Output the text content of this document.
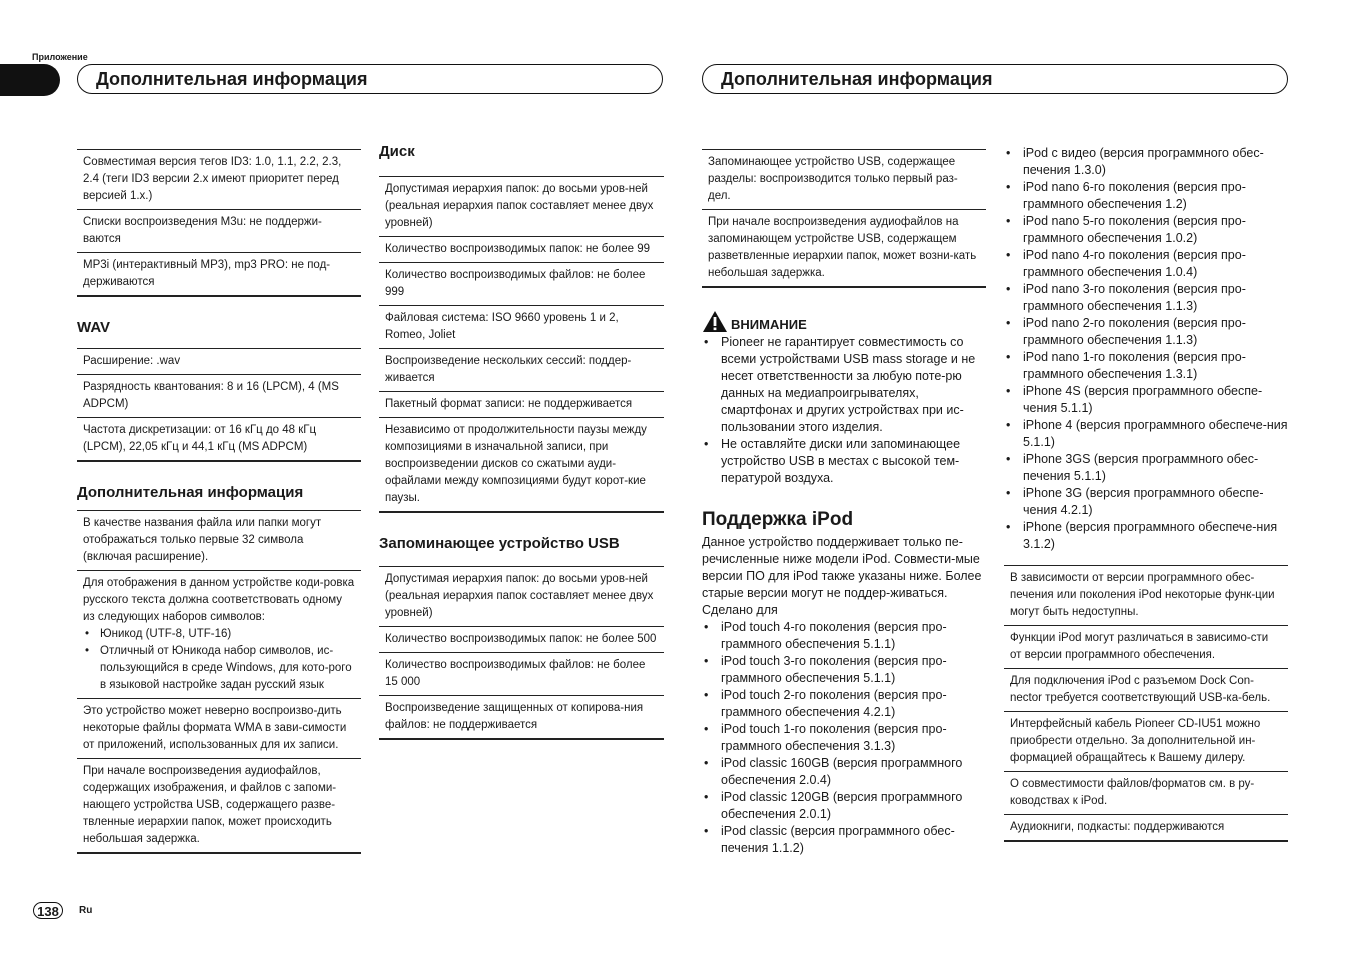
Приложение
Дополнительная информация	Дополнительная информация
Совместимая версия тегов ID3: 1.0, 1.1, 2.2, 2.3, 2.4 (теги ID3 версии 2.x имеют приоритет перед версией 1.x.)
Списки воспроизведения M3u: не поддержи-ваются
MP3i (интерактивный MP3), mp3 PRO: не под-держиваются
WAV
Расширение: .wav
Разрядность квантования: 8 и 16 (LPCM), 4 (MS ADPCM)
Частота дискретизации: от 16 кГц до 48 кГц (LPCM), 22,05 кГц и 44,1 кГц (MS ADPCM)
Дополнительная информация
В качестве названия файла или папки могут отображаться только первые 32 символа (включая расширение).
Для отображения в данном устройстве коди-ровка русского текста должна соответствовать одному из следующих наборов символов:
• Юникод (UTF-8, UTF-16)
• Отличный от Юникода набор символов, ис-пользующийся в среде Windows, для кото-рого в языковой настройке задан русский язык
Это устройство может неверно воспроизво-дить некоторые файлы формата WMA в зави-симости от приложений, использованных для их записи.
При начале воспроизведения аудиофайлов, содержащих изображения, и файлов с запоми-нающего устройства USB, содержащего разве-твленные иерархии папок, может происходить небольшая задержка.
Диск
Допустимая иерархия папок: до восьми уров-ней (реальная иерархия папок составляет менее двух уровней)
Количество воспроизводимых папок: не более 99
Количество воспроизводимых файлов: не более 999
Файловая система: ISO 9660 уровень 1 и 2, Romeo, Joliet
Воспроизведение нескольких сессий: поддер-живается
Пакетный формат записи: не поддерживается
Независимо от продолжительности паузы между композициями в изначальной записи, при воспроизведении дисков со сжатыми ауди-офайлами между композициями будут корот-кие паузы.
Запоминающее устройство USB
Допустимая иерархия папок: до восьми уров-ней (реальная иерархия папок составляет менее двух уровней)
Количество воспроизводимых папок: не более 500
Количество воспроизводимых файлов: не более 15 000
Воспроизведение защищенных от копирова-ния файлов: не поддерживается
Запоминающее устройство USB, содержащее разделы: воспроизводится только первый раз-дел.
При начале воспроизведения аудиофайлов на запоминающем устройстве USB, содержащем разветвленные иерархии папок, может возни-кать небольшая задержка.
ВНИМАНИЕ
• Pioneer не гарантирует совместимость со всеми устройствами USB mass storage и не несет ответственности за любую поте-рю данных на медиапроигрывателях, смартфонах и других устройствах при ис-пользовании этого изделия.
• Не оставляйте диски или запоминающее устройство USB в местах с высокой тем-пературой воздуха.
Поддержка iPod
Данное устройство поддерживает только пе-речисленные ниже модели iPod. Совмести-мые версии ПО для iPod также указаны ниже. Более старые версии могут не поддер-живаться.
Сделано для
• iPod touch 4-го поколения (версия про-граммного обеспечения 5.1.1)
• iPod touch 3-го поколения (версия про-граммного обеспечения 5.1.1)
• iPod touch 2-го поколения (версия про-граммного обеспечения 4.2.1)
• iPod touch 1-го поколения (версия про-граммного обеспечения 3.1.3)
• iPod classic 160GB (версия программного обеспечения 2.0.4)
• iPod classic 120GB (версия программного обеспечения 2.0.1)
• iPod classic (версия программного обес-печения 1.1.2)
• iPod с видео (версия программного обес-печения 1.3.0)
• iPod nano 6-го поколения (версия про-граммного обеспечения 1.2)
• iPod nano 5-го поколения (версия про-граммного обеспечения 1.0.2)
• iPod nano 4-го поколения (версия про-граммного обеспечения 1.0.4)
• iPod nano 3-го поколения (версия про-граммного обеспечения 1.1.3)
• iPod nano 2-го поколения (версия про-граммного обеспечения 1.1.3)
• iPod nano 1-го поколения (версия про-граммного обеспечения 1.3.1)
• iPhone 4S (версия программного обеспе-чения 5.1.1)
• iPhone 4 (версия программного обеспече-ния 5.1.1)
• iPhone 3GS (версия программного обес-печения 5.1.1)
• iPhone 3G (версия программного обеспе-чения 4.2.1)
• iPhone (версия программного обеспече-ния 3.1.2)
В зависимости от версии программного обес-печения или поколения iPod некоторые функ-ции могут быть недоступны.
Функции iPod могут различаться в зависимо-сти от версии программного обеспечения.
Для подключения iPod с разъемом Dock Con-nector требуется соответствующий USB-ка-бель.
Интерфейсный кабель Pioneer CD-IU51 можно приобрести отдельно. За дополнительной ин-формацией обращайтесь к Вашему дилеру.
О совместимости файлов/форматов см. в ру-ководствах к iPod.
Аудиокниги, подкасты: поддерживаются
138	Ru
